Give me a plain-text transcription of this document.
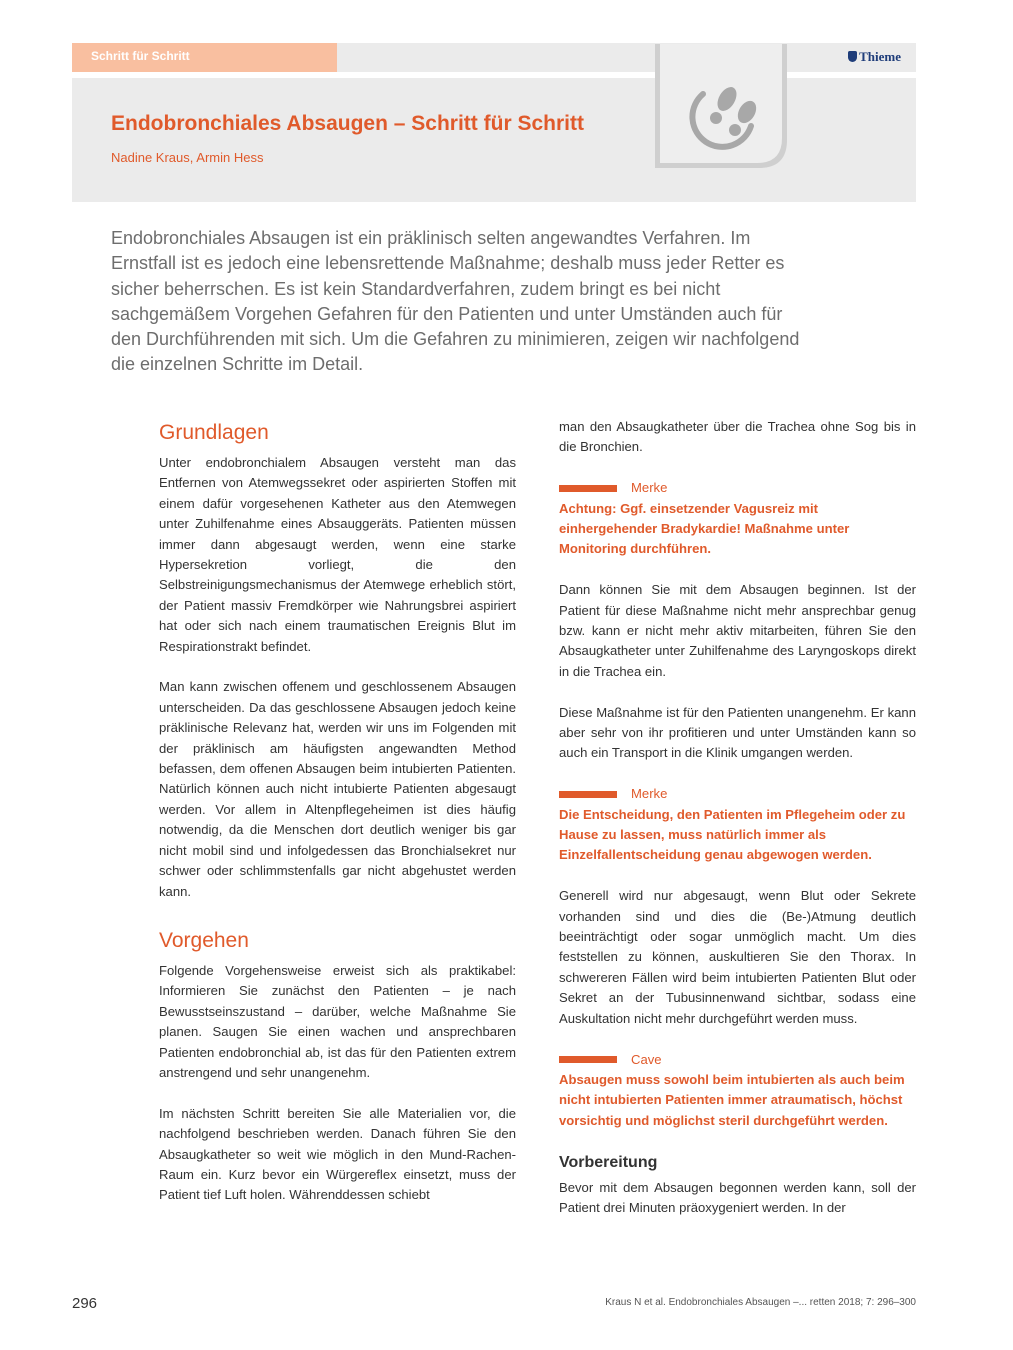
Schritt für Schritt	Thieme
Endobronchiales Absaugen – Schritt für Schritt
Nadine Kraus, Armin Hess

Endobronchiales Absaugen ist ein präklinisch selten angewandtes Verfahren. Im Ernstfall ist es jedoch eine lebensrettende Maßnahme; deshalb muss jeder Retter es sicher beherrschen. Es ist kein Standardverfahren, zudem bringt es bei nicht sachgemäßem Vorgehen Gefahren für den Patienten und unter Umständen auch für den Durchführenden mit sich. Um die Gefahren zu minimieren, zeigen wir nachfolgend die einzelnen Schritte im Detail.

Grundlagen

Unter endobronchialem Absaugen versteht man das Entfernen von Atemwegssekret oder aspirierten Stoffen mit einem dafür vorgesehenen Katheter aus den Atemwegen unter Zuhilfenahme eines Absauggeräts. Patienten müssen immer dann abgesaugt werden, wenn eine starke Hypersekretion vorliegt, die den Selbstreinigungsmechanismus der Atemwege erheblich stört, der Patient massiv Fremdkörper wie Nahrungsbrei aspiriert hat oder sich nach einem traumatischen Ereignis Blut im Respirationstrakt befindet.

Man kann zwischen offenem und geschlossenem Absaugen unterscheiden. Da das geschlossene Absaugen jedoch keine präklinische Relevanz hat, werden wir uns im Folgenden mit der präklinisch am häufigsten angewandten Method befassen, dem offenen Absaugen beim intubierten Patienten. Natürlich können auch nicht intubierte Patienten abgesaugt werden. Vor allem in Altenpflegeheimen ist dies häufig notwendig, da die Menschen dort deutlich weniger bis gar nicht mobil sind und infolgedessen das Bronchialsekret nur schwer oder schlimmstenfalls gar nicht abgehustet werden kann.

Vorgehen

Folgende Vorgehensweise erweist sich als praktikabel: Informieren Sie zunächst den Patienten – je nach Bewusstseinszustand – darüber, welche Maßnahme Sie planen. Saugen Sie einen wachen und ansprechbaren Patienten endobronchial ab, ist das für den Patienten extrem anstrengend und sehr unangenehm.

Im nächsten Schritt bereiten Sie alle Materialien vor, die nachfolgend beschrieben werden. Danach führen Sie den Absaugkatheter so weit wie möglich in den Mund-Rachen-Raum ein. Kurz bevor ein Würgereflex einsetzt, muss der Patient tief Luft holen. Währenddessen schiebt

man den Absaugkatheter über die Trachea ohne Sog bis in die Bronchien.

Merke
Achtung: Ggf. einsetzender Vagusreiz mit einhergehender Bradykardie! Maßnahme unter Monitoring durchführen.

Dann können Sie mit dem Absaugen beginnen. Ist der Patient für diese Maßnahme nicht mehr ansprechbar genug bzw. kann er nicht mehr aktiv mitarbeiten, führen Sie den Absaugkatheter unter Zuhilfenahme des Laryngoskops direkt in die Trachea ein.

Diese Maßnahme ist für den Patienten unangenehm. Er kann aber sehr von ihr profitieren und unter Umständen kann so auch ein Transport in die Klinik umgangen werden.

Merke
Die Entscheidung, den Patienten im Pflegeheim oder zu Hause zu lassen, muss natürlich immer als Einzelfallentscheidung genau abgewogen werden.

Generell wird nur abgesaugt, wenn Blut oder Sekrete vorhanden sind und dies die (Be-)Atmung deutlich beeinträchtigt oder sogar unmöglich macht. Um dies feststellen zu können, auskultieren Sie den Thorax. In schwereren Fällen wird beim intubierten Patienten Blut oder Sekret an der Tubusinnenwand sichtbar, sodass eine Auskultation nicht mehr durchgeführt werden muss.

Cave
Absaugen muss sowohl beim intubierten als auch beim nicht intubierten Patienten immer atraumatisch, höchst vorsichtig und möglichst steril durchgeführt werden.
Vorbereitung

Bevor mit dem Absaugen begonnen werden kann, soll der Patient drei Minuten präoxygeniert werden. In der

296	Kraus N et al. Endobronchiales Absaugen –... retten 2018; 7: 296–300
